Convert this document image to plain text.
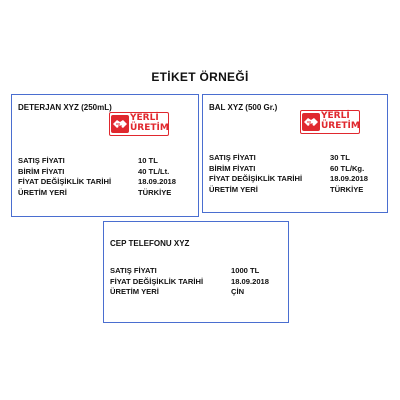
ETİKET ÖRNEĞİ
DETERJAN XYZ (250mL)
YERLİ
ÜRETİM
SATIŞ FİYATI	10 TL
BİRİM FİYATI	40 TL/Lt.
FİYAT DEĞİŞİKLİK TARİHİ	18.09.2018
ÜRETİM YERİ	TÜRKİYE
BAL XYZ (500 Gr.)
YERLİ
ÜRETİM
SATIŞ FİYATI	30 TL
BİRİM FİYATI	60 TL/Kg.
FİYAT DEĞİŞİKLİK TARİHİ	18.09.2018
ÜRETİM YERİ	TÜRKİYE
CEP TELEFONU XYZ
SATIŞ FİYATI	1000 TL
FİYAT DEĞİŞİKLİK TARİHİ	18.09.2018
ÜRETİM YERİ	ÇİN
